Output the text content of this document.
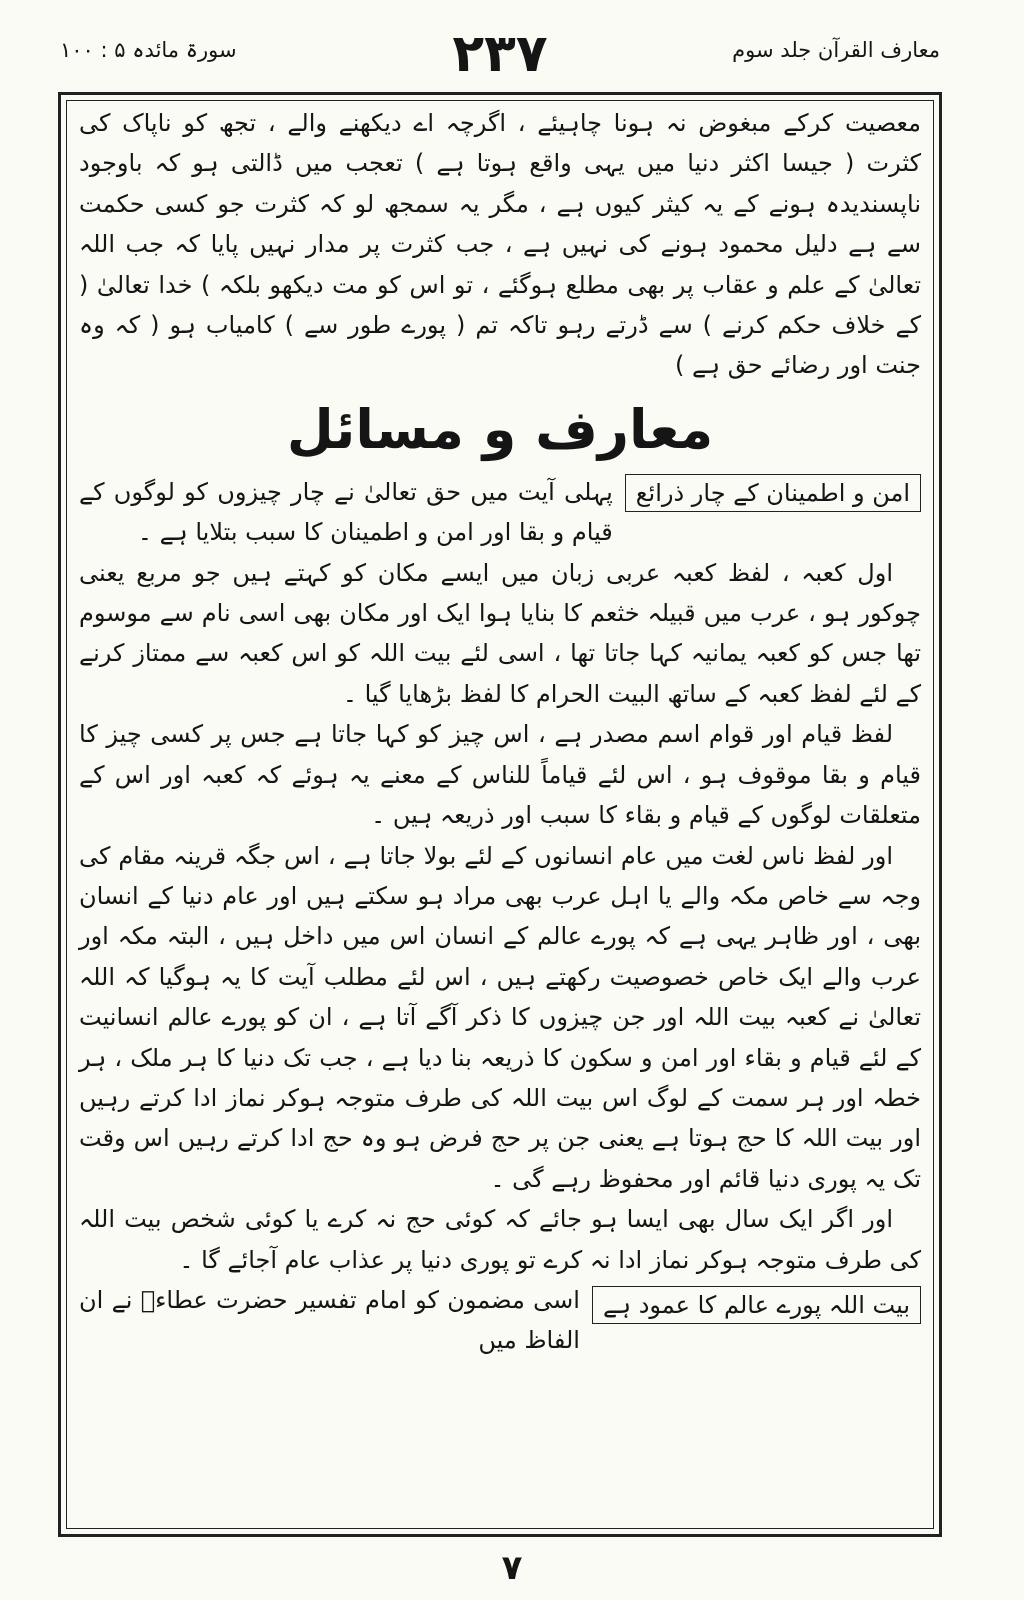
معارف القرآن جلد سوم
۲۳۷
سورۃ مائدہ ۵ : ۱۰۰

معصیت کرکے مبغوض نہ ہونا چاہیئے ، اگرچہ اے دیکھنے والے ، تجھ کو ناپاک کی کثرت ( جیسا اکثر دنیا میں یہی واقع ہوتا ہے ) تعجب میں ڈالتی ہو کہ باوجود ناپسندیدہ ہونے کے یہ کیثر کیوں ہے ، مگر یہ سمجھ لو کہ کثرت جو کسی حکمت سے ہے دلیل محمود ہونے کی نہیں ہے ، جب کثرت پر مدار نہیں پایا کہ جب اللہ تعالیٰ کے علم و عقاب پر بھی مطلع ہوگئے ، تو اس کو مت دیکھو بلکہ ) خدا تعالیٰ ( کے خلاف حکم کرنے ) سے ڈرتے رہو تاکہ تم ( پورے طور سے ) کامیاب ہو ( کہ وہ جنت اور رضائے حق ہے )

معارف و مسائل
امن و اطمینان کے چار ذرائع

پہلی آیت میں حق تعالیٰ نے چار چیزوں کو لوگوں کے قیام و بقا اور امن و اطمینان کا سبب بتلایا ہے ۔

اول کعبہ ، لفظ کعبہ عربی زبان میں ایسے مکان کو کہتے ہیں جو مربع یعنی چوکور ہو ، عرب میں قبیلہ خثعم کا بنایا ہوا ایک اور مکان بھی اسی نام سے موسوم تھا جس کو کعبہ یمانیہ کہا جاتا تھا ، اسی لئے بیت اللہ کو اس کعبہ سے ممتاز کرنے کے لئے لفظ کعبہ کے ساتھ البیت الحرام کا لفظ بڑھایا گیا ۔

لفظ قیام اور قوام اسم مصدر ہے ، اس چیز کو کہا جاتا ہے جس پر کسی چیز کا قیام و بقا موقوف ہو ، اس لئے قیاماً للناس کے معنے یہ ہوئے کہ کعبہ اور اس کے متعلقات لوگوں کے قیام و بقاء کا سبب اور ذریعہ ہیں ۔

اور لفظ ناس لغت میں عام انسانوں کے لئے بولا جاتا ہے ، اس جگہ قرینہ مقام کی وجہ سے خاص مکہ والے یا اہل عرب بھی مراد ہو سکتے ہیں اور عام دنیا کے انسان بھی ، اور ظاہر یہی ہے کہ پورے عالم کے انسان اس میں داخل ہیں ، البتہ مکہ اور عرب والے ایک خاص خصوصیت رکھتے ہیں ، اس لئے مطلب آیت کا یہ ہوگیا کہ اللہ تعالیٰ نے کعبہ بیت اللہ اور جن چیزوں کا ذکر آگے آتا ہے ، ان کو پورے عالم انسانیت کے لئے قیام و بقاء اور امن و سکون کا ذریعہ بنا دیا ہے ، جب تک دنیا کا ہر ملک ، ہر خطہ اور ہر سمت کے لوگ اس بیت اللہ کی طرف متوجہ ہوکر نماز ادا کرتے رہیں اور بیت اللہ کا حج ہوتا ہے یعنی جن پر حج فرض ہو وہ حج ادا کرتے رہیں اس وقت تک یہ پوری دنیا قائم اور محفوظ رہے گی ۔

اور اگر ایک سال بھی ایسا ہو جائے کہ کوئی حج نہ کرے یا کوئی شخص بیت اللہ کی طرف متوجہ ہوکر نماز ادا نہ کرے تو پوری دنیا پر عذاب عام آجائے گا ۔

بیت اللہ پورے عالم کا عمود ہے

اسی مضمون کو امام تفسیر حضرت عطاءؒ نے ان الفاظ میں

۷
